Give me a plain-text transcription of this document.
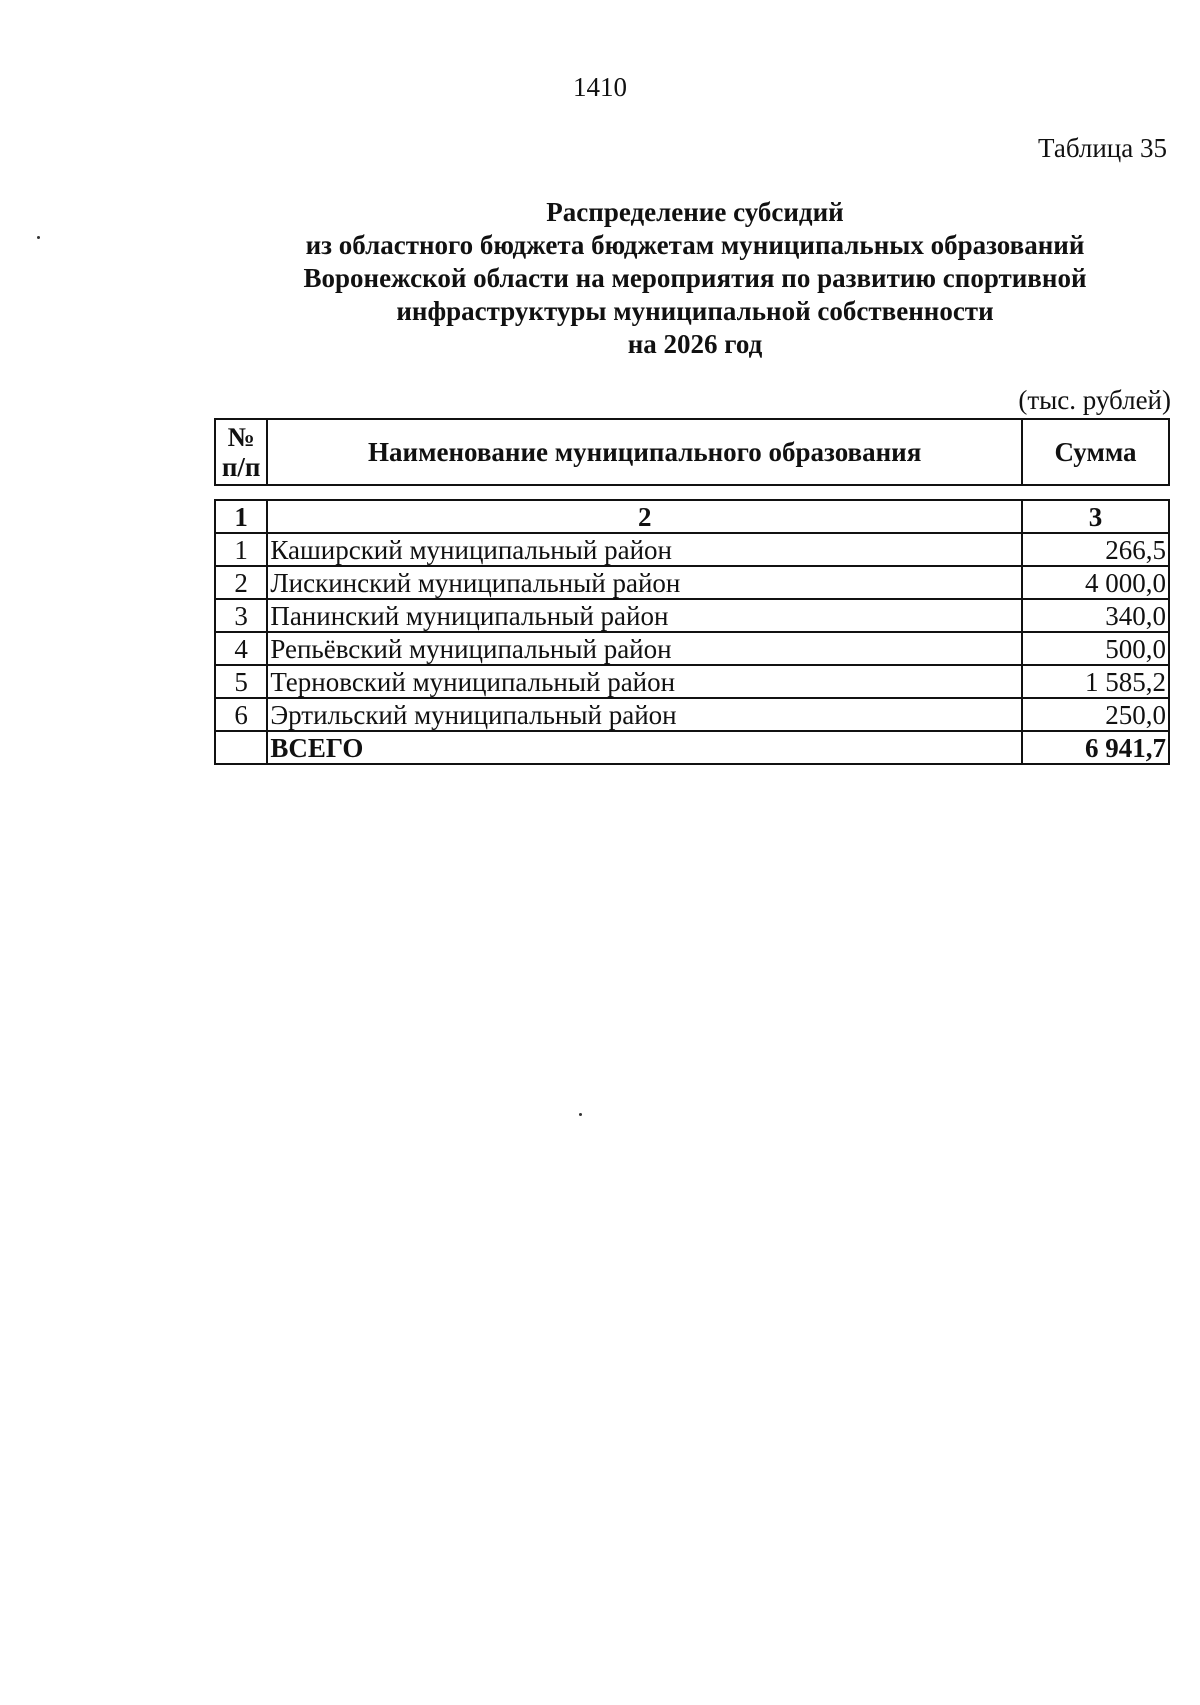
1410
Таблица 35
Распределение субсидий
из областного бюджета бюджетам муниципальных образований
Воронежской области на мероприятия по развитию спортивной
инфраструктуры муниципальной собственности
на 2026 год
(тыс. рублей)
№
п/п	Наименование муниципального образования	Сумма
1	2	3
1	Каширский муниципальный район	266,5
2	Лискинский муниципальный район	4 000,0
3	Панинский муниципальный район	340,0
4	Репьёвский муниципальный район	500,0
5	Терновский муниципальный район	1 585,2
6	Эртильский муниципальный район	250,0
	ВСЕГО	6 941,7
